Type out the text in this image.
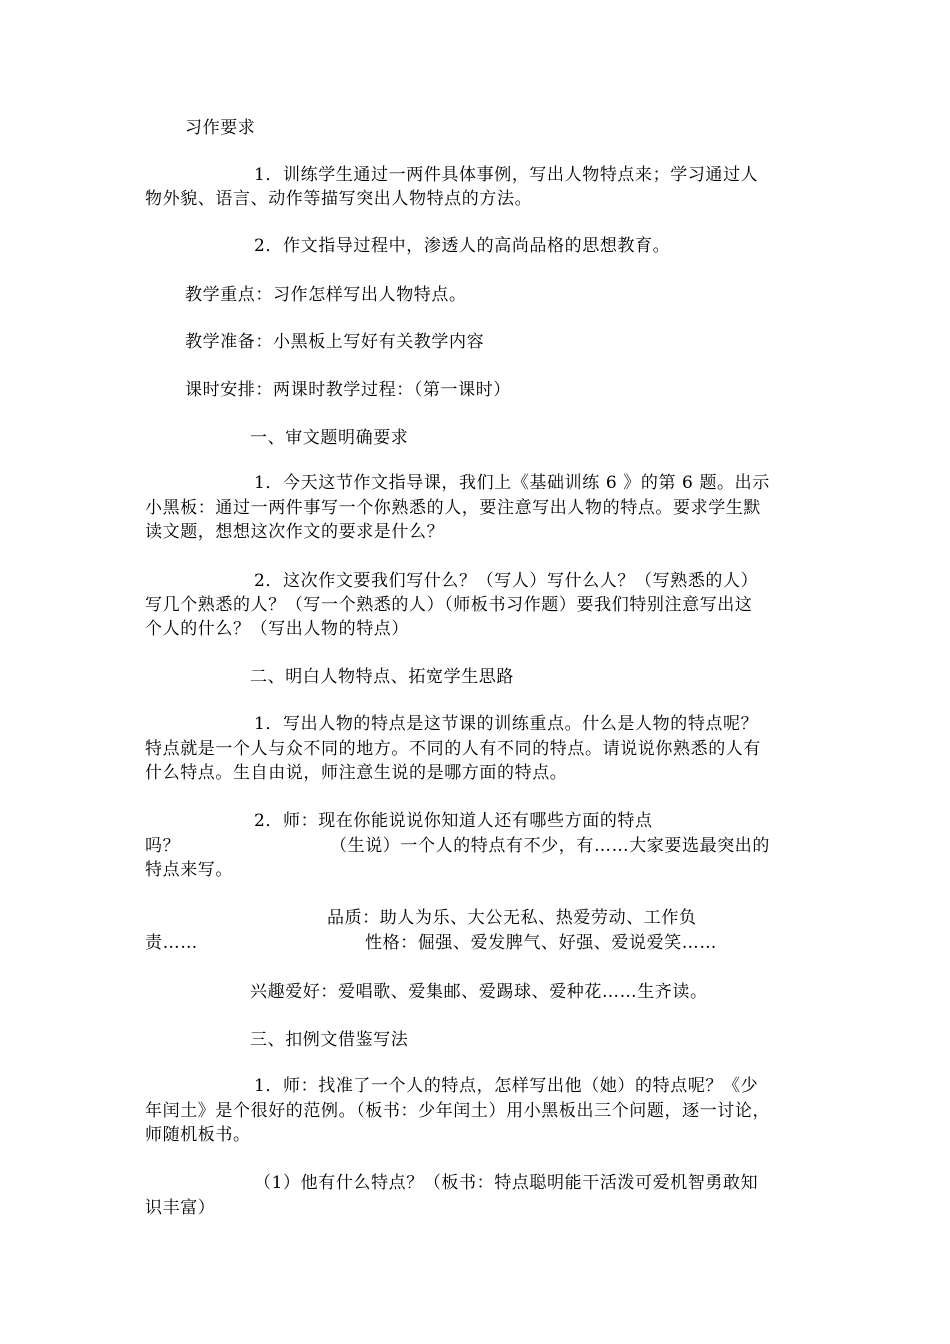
习作要求
1．训练学生通过一两件具体事例，写出人物特点来；学习通过人
物外貌、语言、动作等描写突出人物特点的方法。
2．作文指导过程中，渗透人的高尚品格的思想教育。
教学重点：习作怎样写出人物特点。
教学准备：小黑板上写好有关教学内容
课时安排：两课时教学过程：（第一课时）
一、审文题明确要求
1．今天这节作文指导课，我们上《基础训练 6 》的第 6 题。出示
小黑板：通过一两件事写一个你熟悉的人，要注意写出人物的特点。要求学生默
读文题，想想这次作文的要求是什么？
2．这次作文要我们写什么？（写人）写什么人？（写熟悉的人）
写几个熟悉的人？（写一个熟悉的人）（师板书习作题）要我们特别注意写出这
个人的什么？（写出人物的特点）
二、明白人物特点、拓宽学生思路
1．写出人物的特点是这节课的训练重点。什么是人物的特点呢？
特点就是一个人与众不同的地方。不同的人有不同的特点。请说说你熟悉的人有
什么特点。生自由说，师注意生说的是哪方面的特点。
2．师：现在你能说说你知道人还有哪些方面的特点
吗？	（生说）一个人的特点有不少，有……大家要选最突出的
特点来写。
品质：助人为乐、大公无私、热爱劳动、工作负
责……	性格：倔强、爱发脾气、好强、爱说爱笑……
兴趣爱好：爱唱歌、爱集邮、爱踢球、爱种花……生齐读。
三、扣例文借鉴写法
1．师：找准了一个人的特点，怎样写出他（她）的特点呢？《少
年闰土》是个很好的范例。（板书：少年闰土）用小黑板出三个问题，逐一讨论，
师随机板书。
（1）他有什么特点？（板书：特点聪明能干活泼可爱机智勇敢知
识丰富）
